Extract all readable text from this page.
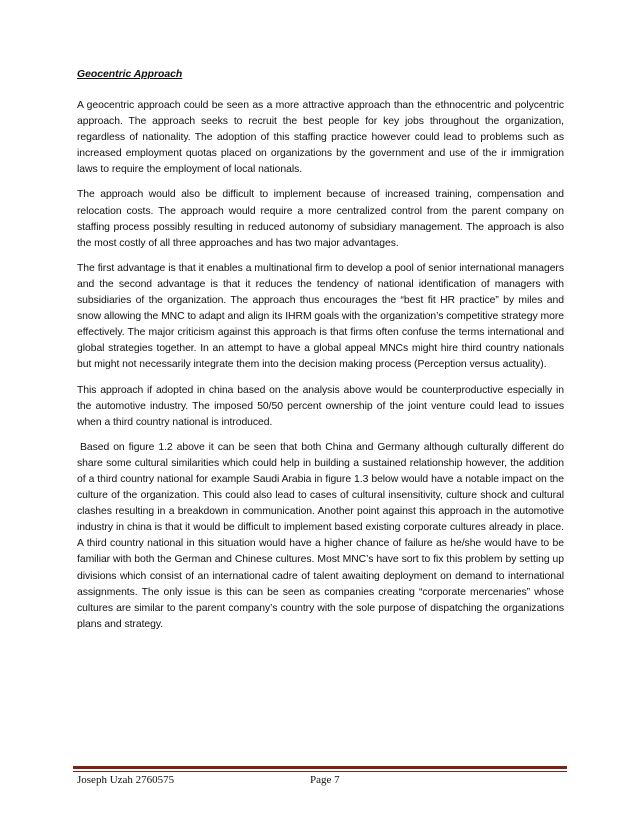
Geocentric Approach

A geocentric approach could be seen as a more attractive approach than the ethnocentric and polycentric approach. The approach seeks to recruit the best people for key jobs throughout the organization, regardless of nationality. The adoption of this staffing practice however could lead to problems such as increased employment quotas placed on organizations by the government and use of the ir immigration laws to require the employment of local nationals.

The approach would also be difficult to implement because of increased training, compensation and relocation costs. The approach would require a more centralized control from the parent company on staffing process possibly resulting in reduced autonomy of subsidiary management. The approach is also the most costly of all three approaches and has two major advantages.

The first advantage is that it enables a multinational firm to develop a pool of senior international managers and the second advantage is that it reduces the tendency of national identification of managers with subsidiaries of the organization. The approach thus encourages the “best fit HR practice” by miles and snow allowing the MNC to adapt and align its IHRM goals with the organization’s competitive strategy more effectively. The major criticism against this approach is that firms often confuse the terms international and global strategies together. In an attempt to have a global appeal MNCs might hire third country nationals but might not necessarily integrate them into the decision making process (Perception versus actuality).

This approach if adopted in china based on the analysis above would be counterproductive especially in the automotive industry. The imposed 50/50 percent ownership of the joint venture could lead to issues when a third country national is introduced.

Based on figure 1.2 above it can be seen that both China and Germany although culturally different do share some cultural similarities which could help in building a sustained relationship however, the addition of a third country national for example Saudi Arabia in figure 1.3 below would have a notable impact on the culture of the organization. This could also lead to cases of cultural insensitivity, culture shock and cultural clashes resulting in a breakdown in communication. Another point against this approach in the automotive industry in china is that it would be difficult to implement based existing corporate cultures already in place. A third country national in this situation would have a higher chance of failure as he/she would have to be familiar with both the German and Chinese cultures. Most MNC’s have sort to fix this problem by setting up divisions which consist of an international cadre of talent awaiting deployment on demand to international assignments. The only issue is this can be seen as companies creating “corporate mercenaries” whose cultures are similar to the parent company’s country with the sole purpose of dispatching the organizations plans and strategy.

Joseph Uzah 2760575	Page 7
